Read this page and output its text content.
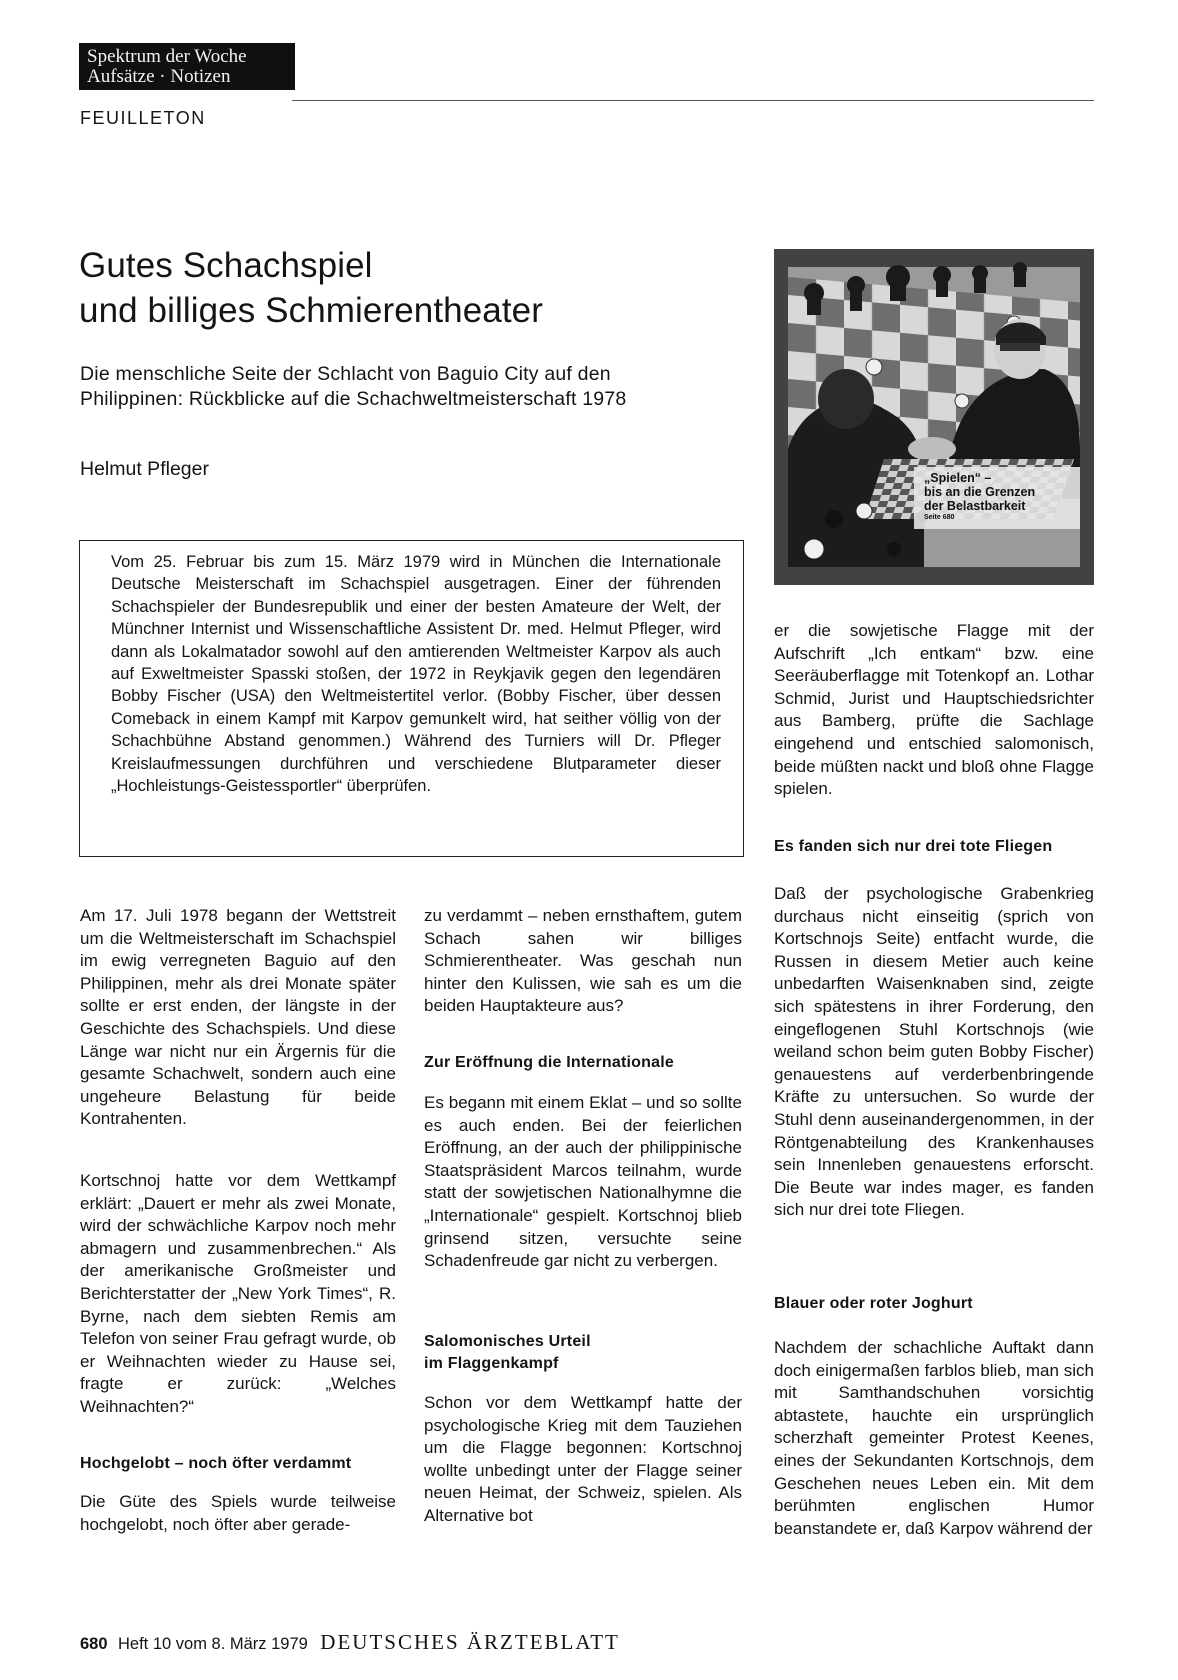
Spektrum der Woche
Aufsätze · Notizen
FEUILLETON
Gutes Schachspiel
und billiges Schmierentheater
Die menschliche Seite der Schlacht von Baguio City auf den
Philippinen: Rückblicke auf die Schachweltmeisterschaft 1978
Helmut Pfleger
Vom 25. Februar bis zum 15. März 1979 wird in München die Internationale Deutsche Meisterschaft im Schachspiel ausgetragen. Einer der führenden Schachspieler der Bundesrepublik und einer der besten Amateure der Welt, der Münchner Internist und Wissenschaftliche Assistent Dr. med. Helmut Pfleger, wird dann als Lokalmatador sowohl auf den amtierenden Weltmeister Karpov als auch auf Exweltmeister Spasski stoßen, der 1972 in Reykjavik gegen den legendären Bobby Fischer (USA) den Weltmeistertitel verlor. (Bobby Fischer, über dessen Comeback in einem Kampf mit Karpov gemunkelt wird, hat seither völlig von der Schachbühne Abstand genommen.) Während des Turniers will Dr. Pfleger Kreislaufmessungen durchführen und verschiedene Blutparameter dieser „Hochleistungs-Geistessportler“ überprüfen.
„Spielen“ –
bis an die Grenzen
der Belastbarkeit
Seite 680
Am 17. Juli 1978 begann der Wettstreit um die Weltmeisterschaft im Schachspiel im ewig verregneten Baguio auf den Philippinen, mehr als drei Monate später sollte er erst enden, der längste in der Geschichte des Schachspiels. Und diese Länge war nicht nur ein Ärgernis für die gesamte Schachwelt, sondern auch eine ungeheure Belastung für beide Kontrahenten.
Kortschnoj hatte vor dem Wettkampf erklärt: „Dauert er mehr als zwei Monate, wird der schwächliche Karpov noch mehr abmagern und zusammenbrechen.“ Als der amerikanische Großmeister und Berichterstatter der „New York Times“, R. Byrne, nach dem siebten Remis am Telefon von seiner Frau gefragt wurde, ob er Weihnachten wieder zu Hause sei, fragte er zurück: „Welches Weihnachten?“
Hochgelobt – noch öfter verdammt
Die Güte des Spiels wurde teilweise hochgelobt, noch öfter aber gerade-
zu verdammt – neben ernsthaftem, gutem Schach sahen wir billiges Schmierentheater. Was geschah nun hinter den Kulissen, wie sah es um die beiden Hauptakteure aus?
Zur Eröffnung die Internationale
Es begann mit einem Eklat – und so sollte es auch enden. Bei der feierlichen Eröffnung, an der auch der philippinische Staatspräsident Marcos teilnahm, wurde statt der sowjetischen Nationalhymne die „Internationale“ gespielt. Kortschnoj blieb grinsend sitzen, versuchte seine Schadenfreude gar nicht zu verbergen.
Salomonisches Urteil
im Flaggenkampf
Schon vor dem Wettkampf hatte der psychologische Krieg mit dem Tauziehen um die Flagge begonnen: Kortschnoj wollte unbedingt unter der Flagge seiner neuen Heimat, der Schweiz, spielen. Als Alternative bot
er die sowjetische Flagge mit der Aufschrift „Ich entkam“ bzw. eine Seeräuberflagge mit Totenkopf an. Lothar Schmid, Jurist und Hauptschiedsrichter aus Bamberg, prüfte die Sachlage eingehend und entschied salomonisch, beide müßten nackt und bloß ohne Flagge spielen.
Es fanden sich nur drei tote Fliegen
Daß der psychologische Grabenkrieg durchaus nicht einseitig (sprich von Kortschnojs Seite) entfacht wurde, die Russen in diesem Metier auch keine unbedarften Waisenknaben sind, zeigte sich spätestens in ihrer Forderung, den eingeflogenen Stuhl Kortschnojs (wie weiland schon beim guten Bobby Fischer) genauestens auf verderbenbringende Kräfte zu untersuchen. So wurde der Stuhl denn auseinandergenommen, in der Röntgenabteilung des Krankenhauses sein Innenleben genauestens erforscht. Die Beute war indes mager, es fanden sich nur drei tote Fliegen.
Blauer oder roter Joghurt
Nachdem der schachliche Auftakt dann doch einigermaßen farblos blieb, man sich mit Samthandschuhen vorsichtig abtastete, hauchte ein ursprünglich scherzhaft gemeinter Protest Keenes, eines der Sekundanten Kortschnojs, dem Geschehen neues Leben ein. Mit dem berühmten englischen Humor beanstandete er, daß Karpov während der
680 Heft 10 vom 8. März 1979 DEUTSCHES ÄRZTEBLATT
